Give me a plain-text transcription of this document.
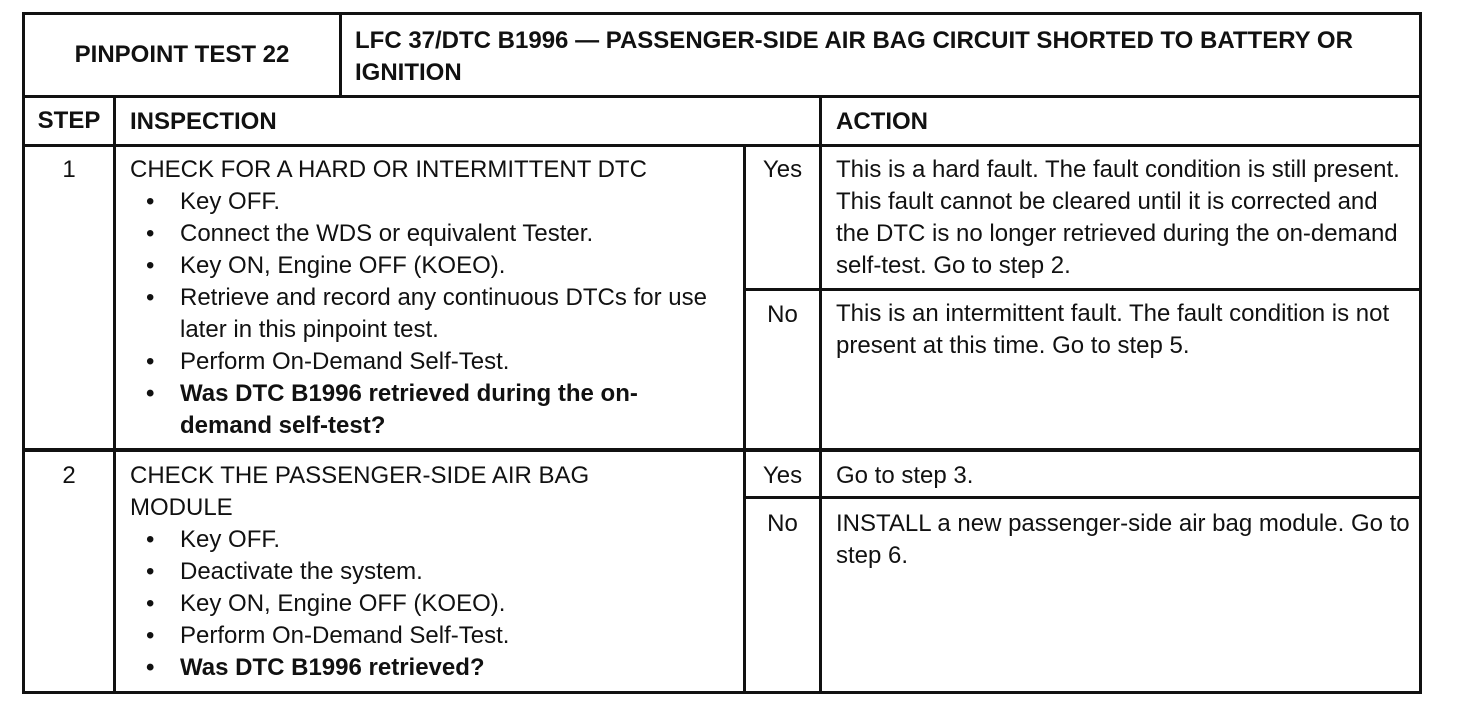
PINPOINT TEST 22
LFC 37/DTC B1996 — PASSENGER-SIDE AIR BAG CIRCUIT SHORTED TO BATTERY OR IGNITION
STEP	INSPECTION	ACTION
1	CHECK FOR A HARD OR INTERMITTENT DTC
• Key OFF.
• Connect the WDS or equivalent Tester.
• Key ON, Engine OFF (KOEO).
• Retrieve and record any continuous DTCs for use later in this pinpoint test.
• Perform On-Demand Self-Test.
• Was DTC B1996 retrieved during the on-demand self-test?
Yes	This is a hard fault. The fault condition is still present. This fault cannot be cleared until it is corrected and the DTC is no longer retrieved during the on-demand self-test. Go to step 2.
No	This is an intermittent fault. The fault condition is not present at this time. Go to step 5.
2	CHECK THE PASSENGER-SIDE AIR BAG MODULE
• Key OFF.
• Deactivate the system.
• Key ON, Engine OFF (KOEO).
• Perform On-Demand Self-Test.
• Was DTC B1996 retrieved?
Yes	Go to step 3.
No	INSTALL a new passenger-side air bag module. Go to step 6.
